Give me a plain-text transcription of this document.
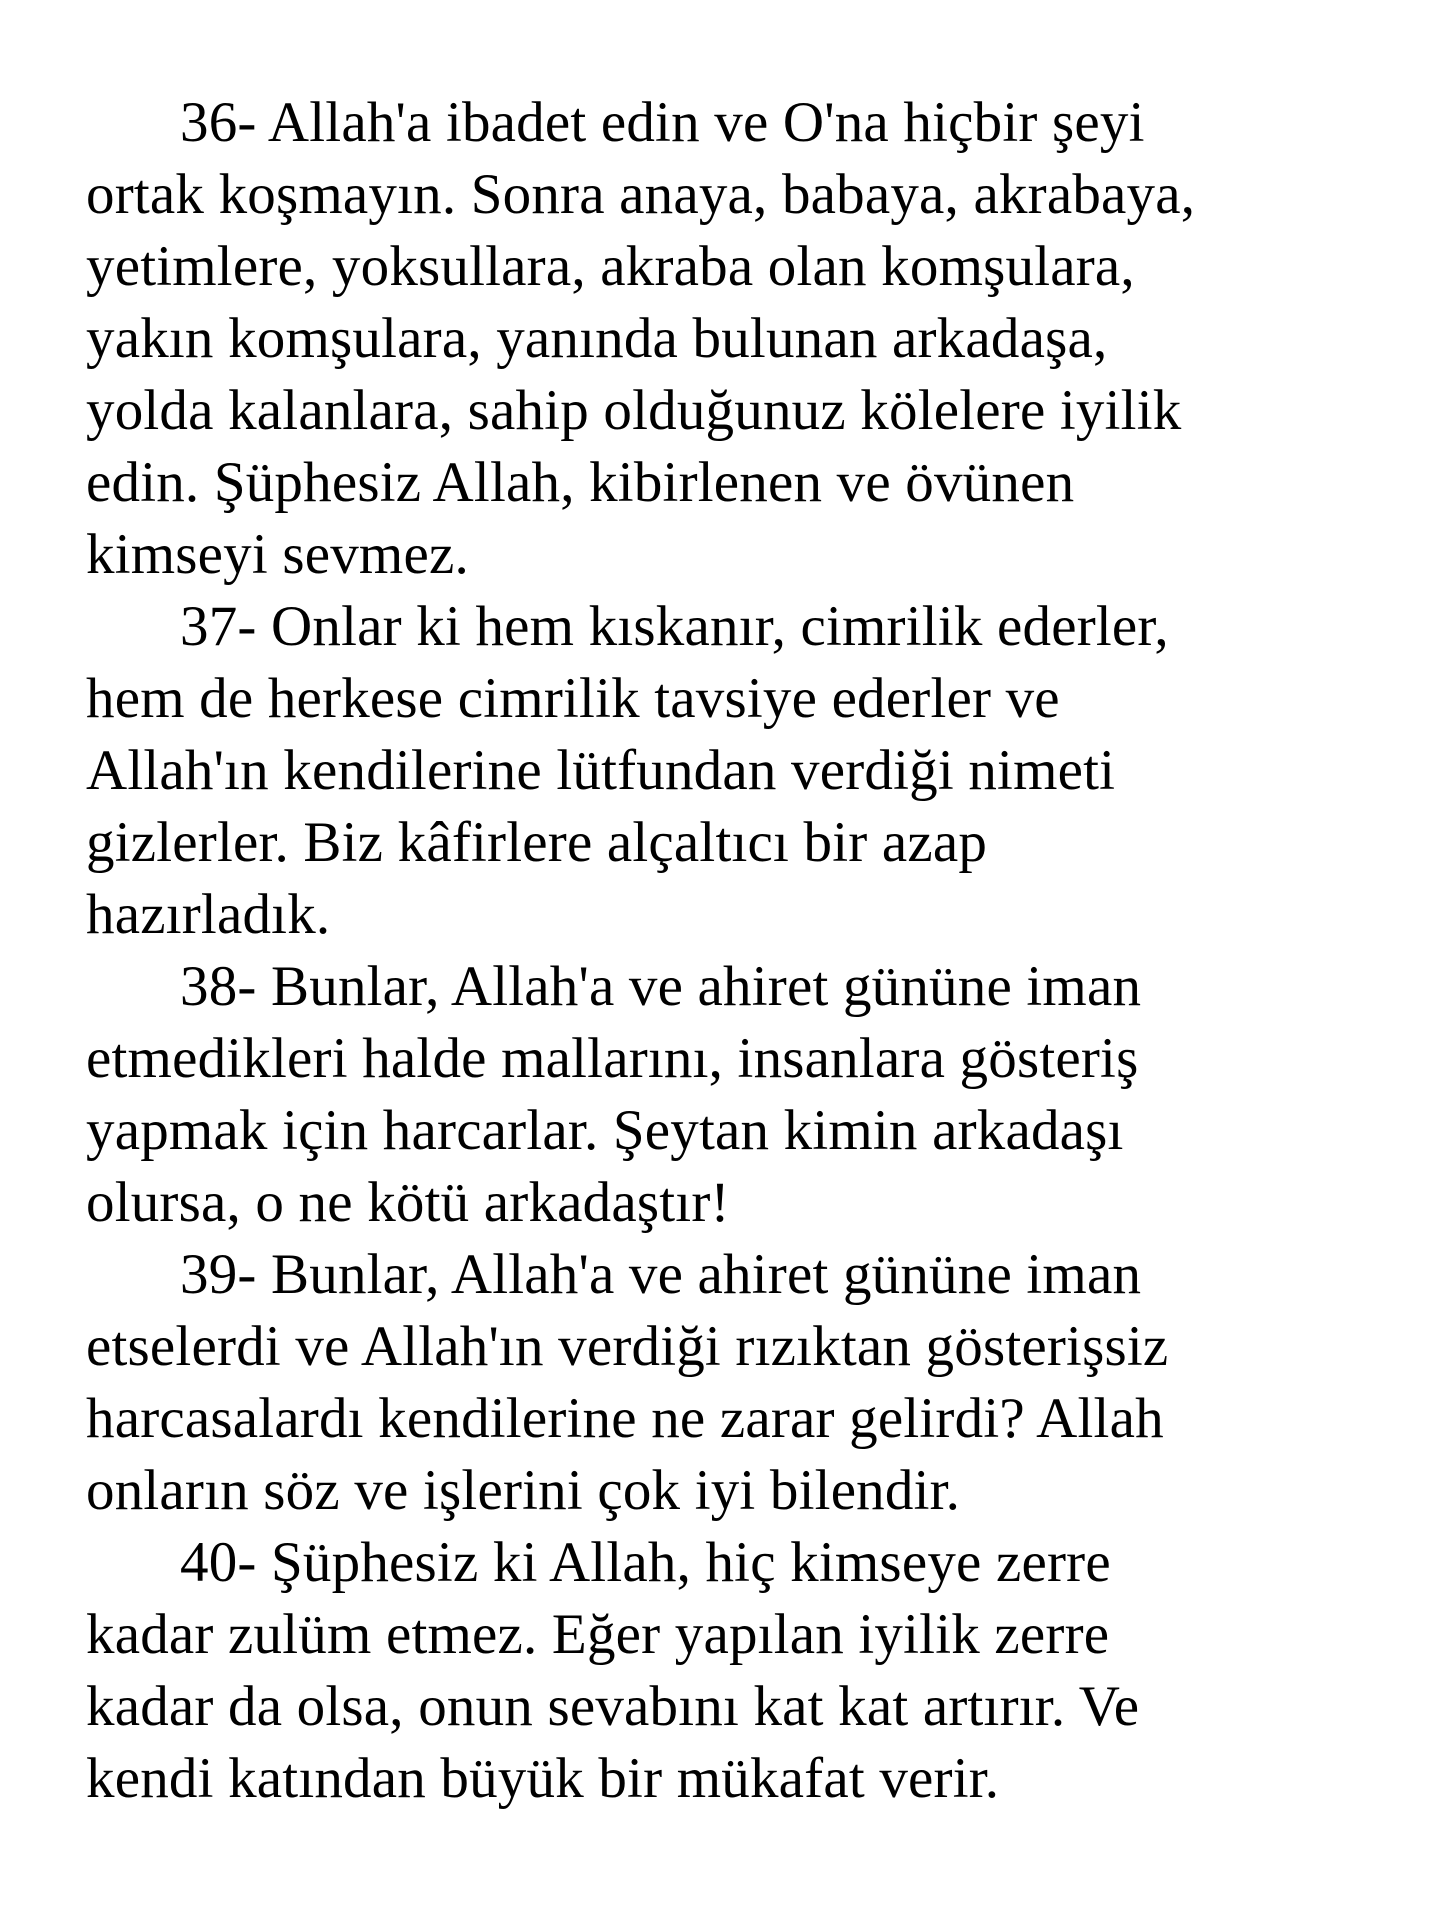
36- Allah'a ibadet edin ve O'na hiçbir şeyi
ortak koşmayın. Sonra anaya, babaya, akrabaya,
yetimlere, yoksullara, akraba olan komşulara,
yakın komşulara, yanında bulunan arkadaşa,
yolda kalanlara, sahip olduğunuz kölelere iyilik
edin. Şüphesiz Allah, kibirlenen ve övünen
kimseyi sevmez.

37- Onlar ki hem kıskanır, cimrilik ederler,
hem de herkese cimrilik tavsiye ederler ve
Allah'ın kendilerine lütfundan verdiği nimeti
gizlerler. Biz kâfirlere alçaltıcı bir azap
hazırladık.

38- Bunlar, Allah'a ve ahiret gününe iman
etmedikleri halde mallarını, insanlara gösteriş
yapmak için harcarlar. Şeytan kimin arkadaşı
olursa, o ne kötü arkadaştır!

39- Bunlar, Allah'a ve ahiret gününe iman
etselerdi ve Allah'ın verdiği rızıktan gösterişsiz
harcasalardı kendilerine ne zarar gelirdi? Allah
onların söz ve işlerini çok iyi bilendir.

40- Şüphesiz ki Allah, hiç kimseye zerre
kadar zulüm etmez. Eğer yapılan iyilik zerre
kadar da olsa, onun sevabını kat kat artırır. Ve
kendi katından büyük bir mükafat verir.
